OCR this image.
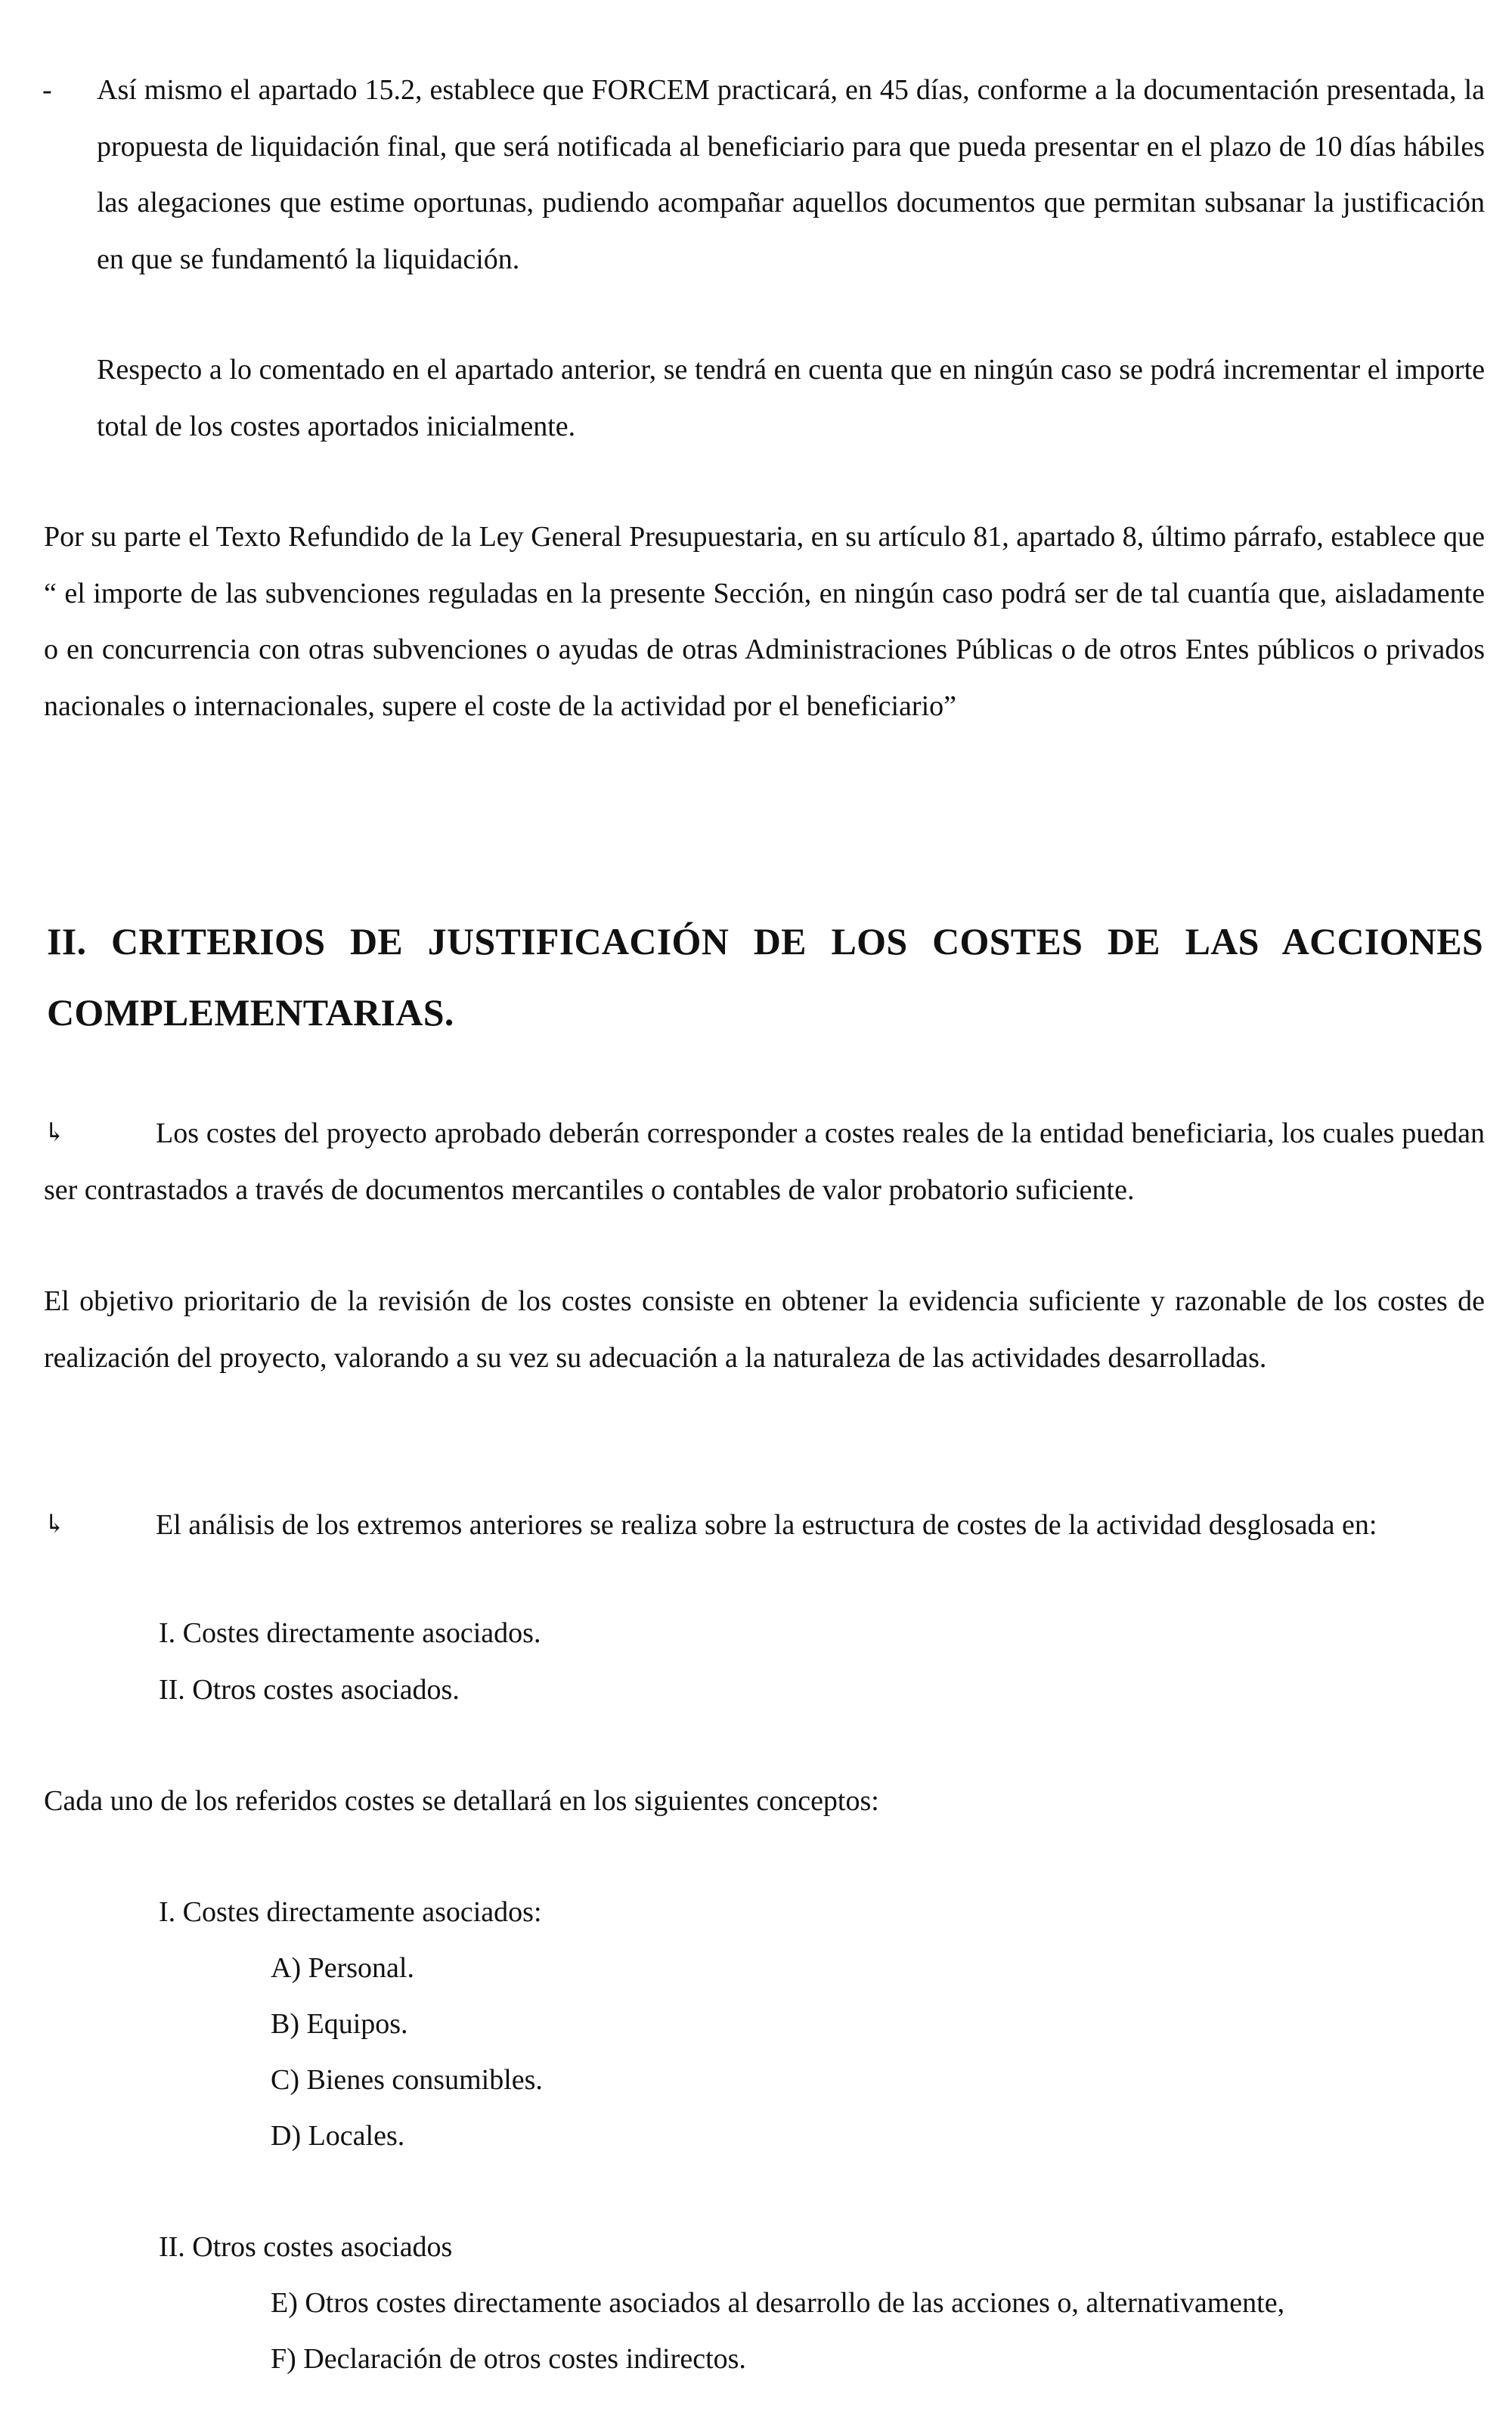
- Así mismo el apartado 15.2, establece que FORCEM practicará, en 45 días, conforme a la documentación presentada, la propuesta de liquidación final, que será notificada al beneficiario para que pueda presentar en el plazo de 10 días hábiles las alegaciones que estime oportunas, pudiendo acompañar aquellos documentos que permitan subsanar la justificación en que se fundamentó la liquidación.
Respecto a lo comentado en el apartado anterior, se tendrá en cuenta que en ningún caso se podrá incrementar el importe total de los costes aportados inicialmente.
Por su parte el Texto Refundido de la Ley General Presupuestaria, en su artículo 81, apartado 8, último párrafo, establece que “ el importe de las subvenciones reguladas en la presente Sección, en ningún caso podrá ser de tal cuantía que, aisladamente o en concurrencia con otras subvenciones o ayudas de otras Administraciones Públicas o de otros Entes públicos o privados nacionales o internacionales, supere el coste de la actividad por el beneficiario”
II. CRITERIOS DE JUSTIFICACIÓN DE LOS COSTES DE LAS ACCIONES COMPLEMENTARIAS.
↳	Los costes del proyecto aprobado deberán corresponder a costes reales de la entidad beneficiaria, los cuales puedan ser contrastados a través de documentos mercantiles o contables de valor probatorio suficiente.
El objetivo prioritario de la revisión de los costes consiste en obtener la evidencia suficiente y razonable de los costes de realización del proyecto, valorando a su vez su adecuación a la naturaleza de las actividades desarrolladas.
↳	El análisis de los extremos anteriores se realiza sobre la estructura de costes de la actividad desglosada en:
I. Costes directamente asociados.
II. Otros costes asociados.
Cada uno de los referidos costes se detallará en los siguientes conceptos:
I. Costes directamente asociados:
A) Personal.
B) Equipos.
C) Bienes consumibles.
D) Locales.
II. Otros costes asociados
E) Otros costes directamente asociados al desarrollo de las acciones o, alternativamente,
F) Declaración de otros costes indirectos.
